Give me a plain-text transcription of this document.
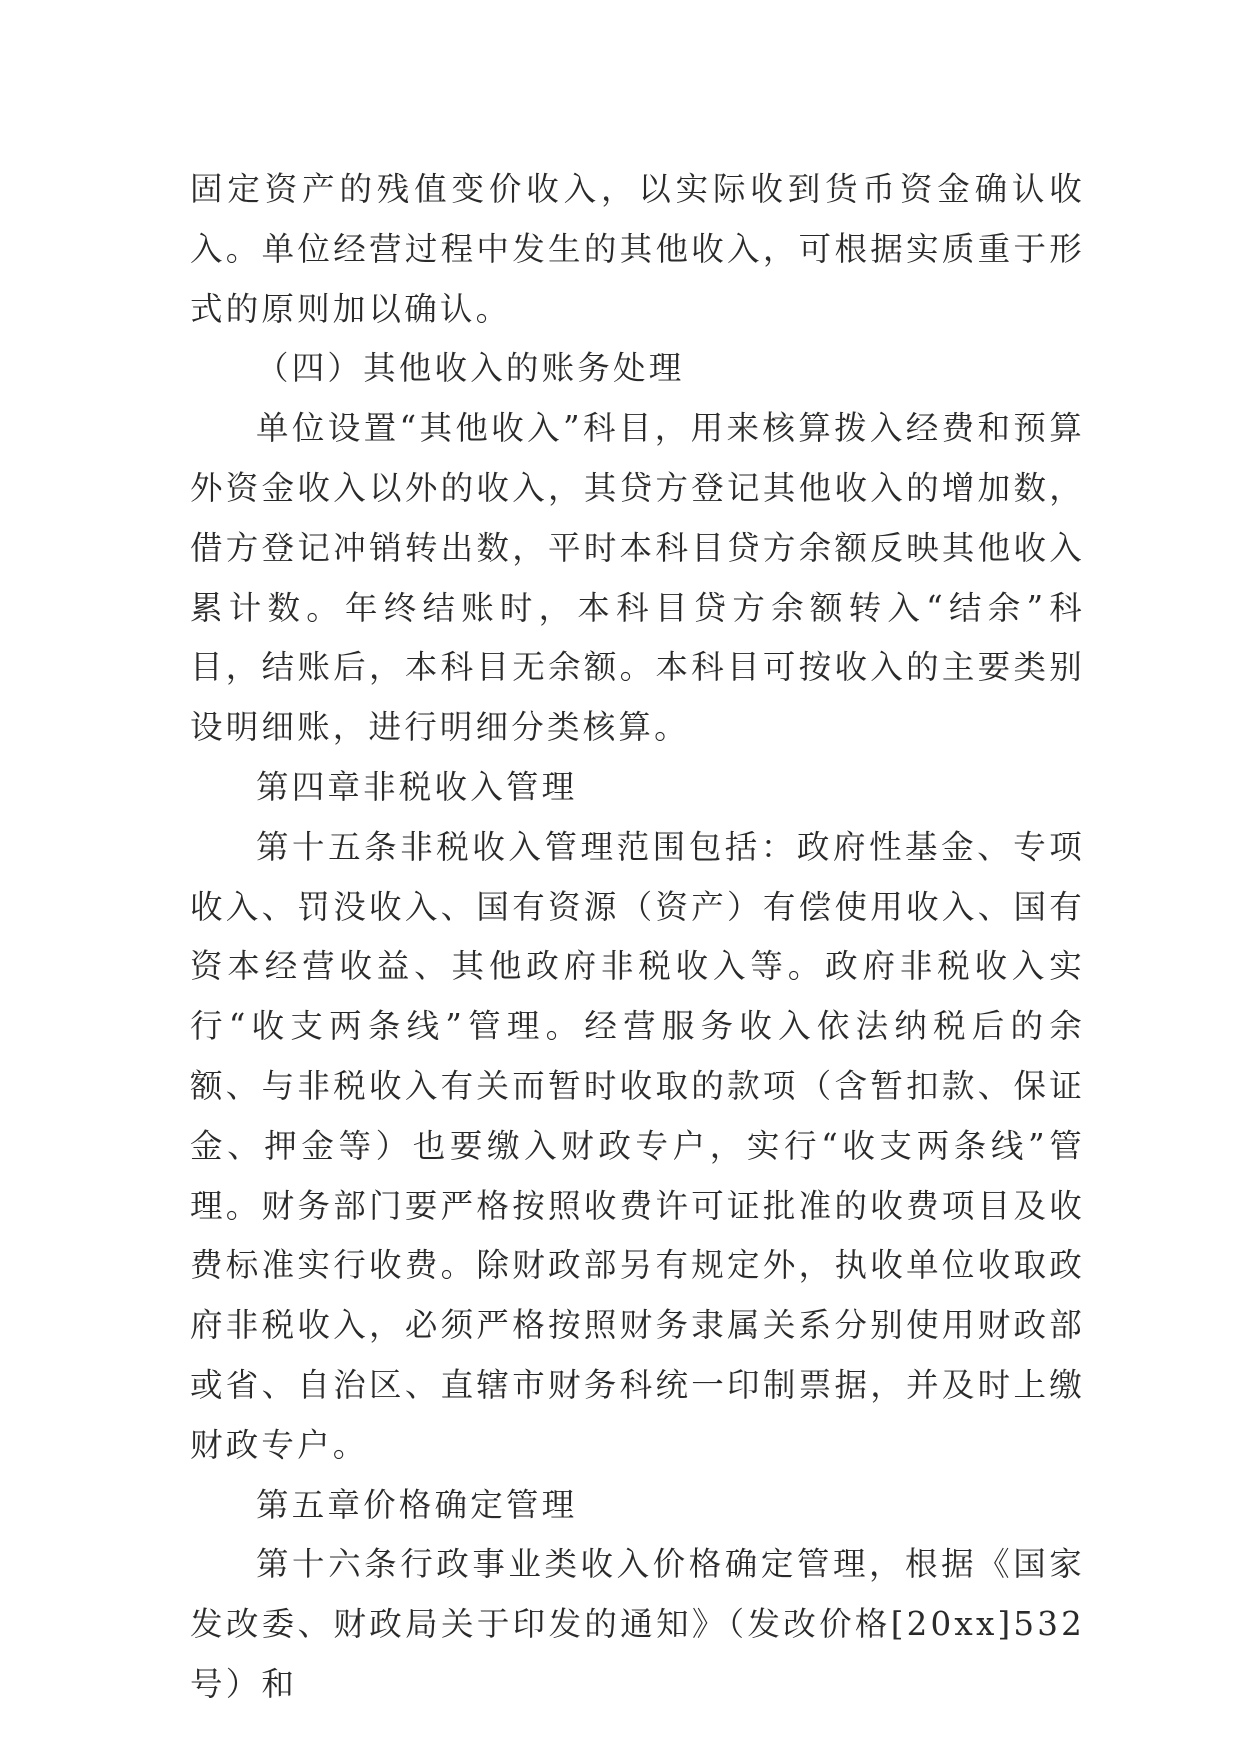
固定资产的残值变价收入，以实际收到货币资金确认收入。单位经营过程中发生的其他收入，可根据实质重于形式的原则加以确认。

（四）其他收入的账务处理

单位设置“其他收入”科目，用来核算拨入经费和预算外资金收入以外的收入，其贷方登记其他收入的增加数，借方登记冲销转出数，平时本科目贷方余额反映其他收入累计数。年终结账时，本科目贷方余额转入“结余”科目，结账后，本科目无余额。本科目可按收入的主要类别设明细账，进行明细分类核算。

第四章非税收入管理

第十五条非税收入管理范围包括：政府性基金、专项收入、罚没收入、国有资源（资产）有偿使用收入、国有资本经营收益、其他政府非税收入等。政府非税收入实行“收支两条线”管理。经营服务收入依法纳税后的余额、与非税收入有关而暂时收取的款项（含暂扣款、保证金、押金等）也要缴入财政专户，实行“收支两条线”管理。财务部门要严格按照收费许可证批准的收费项目及收费标准实行收费。除财政部另有规定外，执收单位收取政府非税收入，必须严格按照财务隶属关系分别使用财政部或省、自治区、直辖市财务科统一印制票据，并及时上缴财政专户。

第五章价格确定管理

第十六条行政事业类收入价格确定管理，根据《国家发改委、财政局关于印发的通知》（发改价格[20xx]532号）和
